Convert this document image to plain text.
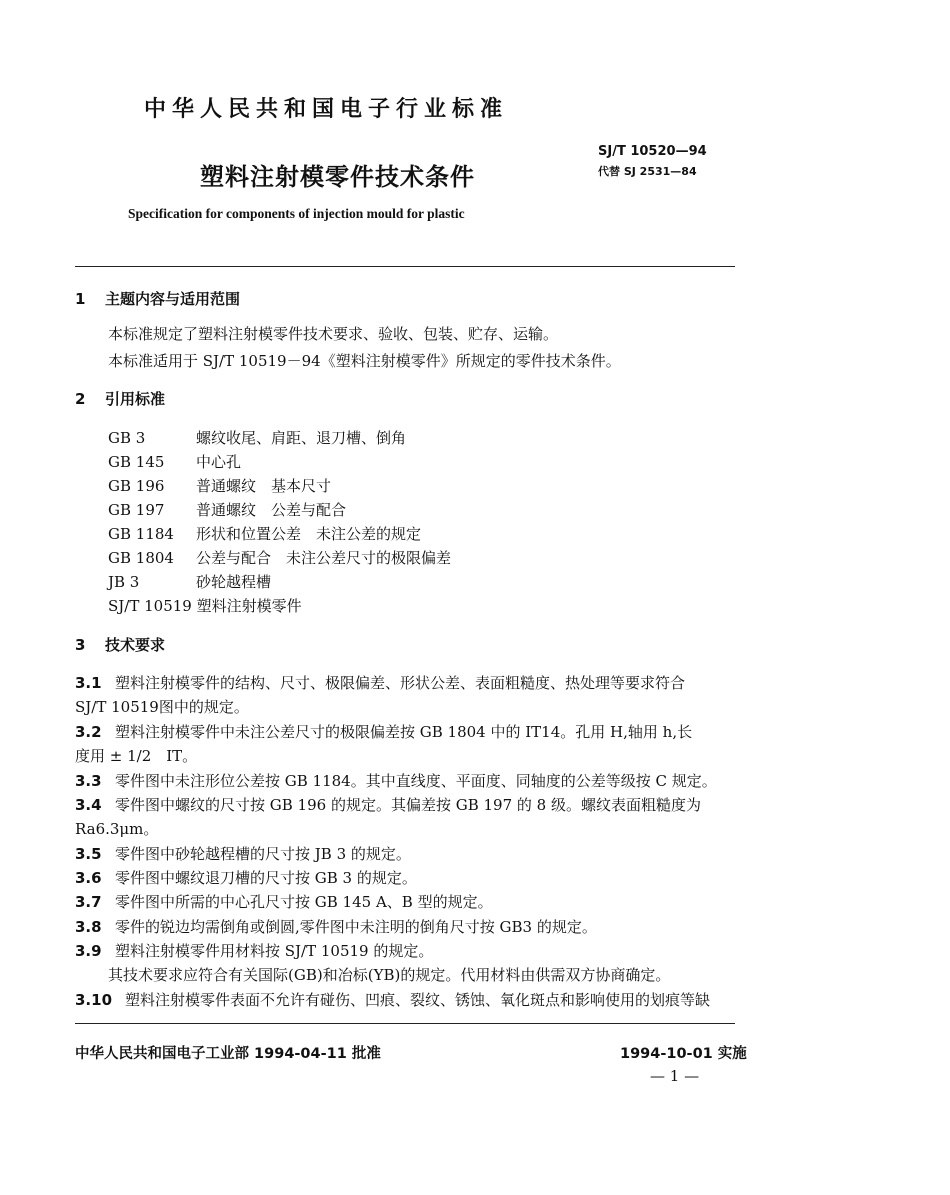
中华人民共和国电子行业标准
塑料注射模零件技术条件
SJ/T 10520—94
代替 SJ 2531—84
Specification for components of injection mould for plastic
1 主题内容与适用范围
本标准规定了塑料注射模零件技术要求、验收、包装、贮存、运输。
本标准适用于 SJ/T 10519－94《塑料注射模零件》所规定的零件技术条件。
2 引用标准
GB 3	螺纹收尾、肩距、退刀槽、倒角
GB 145 中心孔
GB 196 普通螺纹　基本尺寸
GB 197 普通螺纹　公差与配合
GB 1184 形状和位置公差　未注公差的规定
GB 1804 公差与配合　未注公差尺寸的极限偏差
JB 3	砂轮越程槽
SJ/T 10519 塑料注射模零件
3 技术要求
3.1 塑料注射模零件的结构、尺寸、极限偏差、形状公差、表面粗糙度、热处理等要求符合
SJ/T 10519图中的规定。
3.2 塑料注射模零件中未注公差尺寸的极限偏差按 GB 1804 中的 IT14。孔用 H,轴用 h,长
度用 ± 1/2　IT。
3.3 零件图中未注形位公差按 GB 1184。其中直线度、平面度、同轴度的公差等级按 C 规定。
3.4 零件图中螺纹的尺寸按 GB 196 的规定。其偏差按 GB 197 的 8 级。螺纹表面粗糙度为
Ra6.3μm。
3.5 零件图中砂轮越程槽的尺寸按 JB 3 的规定。
3.6 零件图中螺纹退刀槽的尺寸按 GB 3 的规定。
3.7 零件图中所需的中心孔尺寸按 GB 145 A、B 型的规定。
3.8 零件的锐边均需倒角或倒圆,零件图中未注明的倒角尺寸按 GB3 的规定。
3.9 塑料注射模零件用材料按 SJ/T 10519 的规定。
其技术要求应符合有关国际(GB)和冶标(YB)的规定。代用材料由供需双方协商确定。
3.10 塑料注射模零件表面不允许有碰伤、凹痕、裂纹、锈蚀、氧化斑点和影响使用的划痕等缺
中华人民共和国电子工业部 1994-04-11 批准	1994-10-01 实施
— 1 —
